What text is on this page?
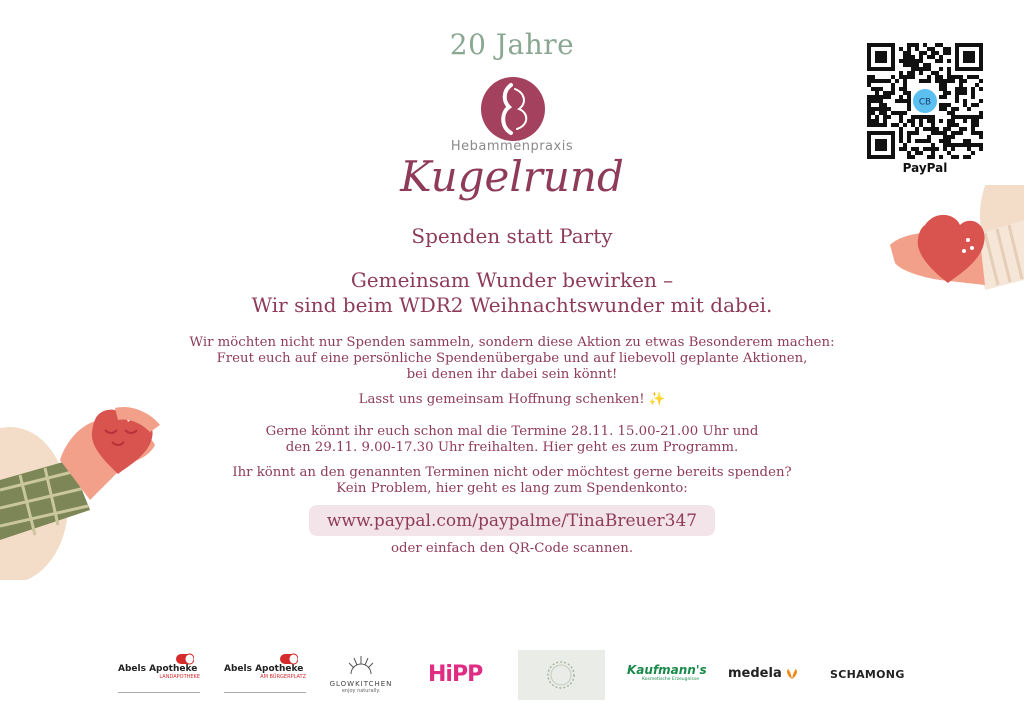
20 Jahre
Hebammenpraxis
Kugelrund
Spenden statt Party
Gemeinsam Wunder bewirken –
Wir sind beim WDR2 Weihnachtswunder mit dabei.
Wir möchten nicht nur Spenden sammeln, sondern diese Aktion zu etwas Besonderem machen:
Freut euch auf eine persönliche Spendenübergabe und auf liebevoll geplante Aktionen,
bei denen ihr dabei sein könnt!
Lasst uns gemeinsam Hoffnung schenken! ✨
Gerne könnt ihr euch schon mal die Termine 28.11. 15.00-21.00 Uhr und
den 29.11. 9.00-17.30 Uhr freihalten. Hier geht es zum Programm.
Ihr könnt an den genannten Terminen nicht oder möchtest gerne bereits spenden?
Kein Problem, hier geht es lang zum Spendenkonto:
www.paypal.com/paypalme/TinaBreuer347
oder einfach den QR-Code scannen.
CB
PayPal
Abels Apotheke
LANDAPOTHEKE
Abels Apotheke
AM BÜRGERPLATZ
GLOWKITCHEN
enjoy naturally.
HiPP	Kaufmann's
Kosmetische Erzeugnisse medela	SCHAMONG
